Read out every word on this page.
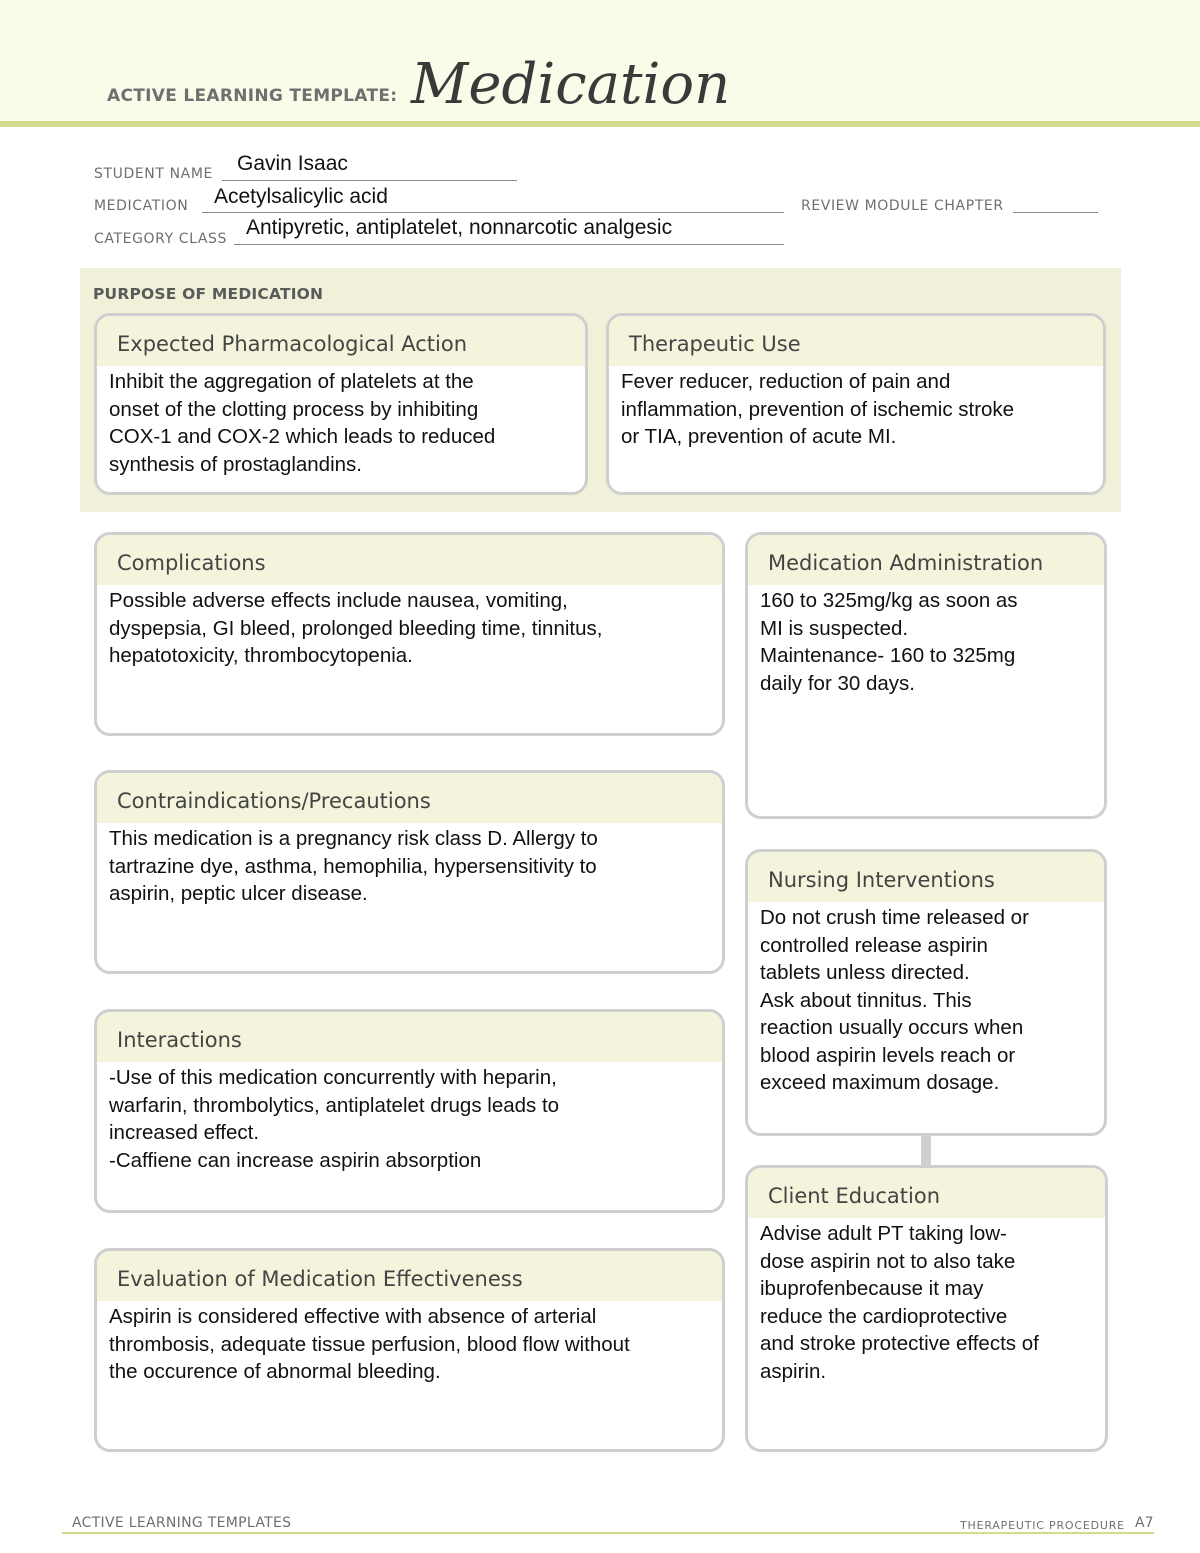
ACTIVE LEARNING TEMPLATE: Medication
STUDENT NAME Gavin Isaac
MEDICATION Acetylsalicylic acid	REVIEW MODULE CHAPTER
CATEGORY CLASS Antipyretic, antiplatelet, nonnarcotic analgesic
PURPOSE OF MEDICATION
Expected Pharmacological Action
Inhibit the aggregation of platelets at the
onset of the clotting process by inhibiting
COX-1 and COX-2 which leads to reduced
synthesis of prostaglandins.
Therapeutic Use
Fever reducer, reduction of pain and
inflammation, prevention of ischemic stroke
or TIA, prevention of acute MI.
Complications
Possible adverse effects include nausea, vomiting,
dyspepsia, GI bleed, prolonged bleeding time, tinnitus,
hepatotoxicity, thrombocytopenia.
Contraindications/Precautions
This medication is a pregnancy risk class D. Allergy to
tartrazine dye, asthma, hemophilia, hypersensitivity to
aspirin, peptic ulcer disease.
Interactions
-Use of this medication concurrently with heparin,
warfarin, thrombolytics, antiplatelet drugs leads to
increased effect.
-Caffiene can increase aspirin absorption
Evaluation of Medication Effectiveness
Aspirin is considered effective with absence of arterial
thrombosis, adequate tissue perfusion, blood flow without
the occurence of abnormal bleeding.
Medication Administration
160 to 325mg/kg as soon as
MI is suspected.
Maintenance- 160 to 325mg
daily for 30 days.
Nursing Interventions
Do not crush time released or
controlled release aspirin
tablets unless directed.
Ask about tinnitus. This
reaction usually occurs when
blood aspirin levels reach or
exceed maximum dosage.
Client Education
Advise adult PT taking low-
dose aspirin not to also take
ibuprofenbecause it may
reduce the cardioprotective
and stroke protective effects of
aspirin.
ACTIVE LEARNING TEMPLATES	THERAPEUTIC PROCEDURE A7
